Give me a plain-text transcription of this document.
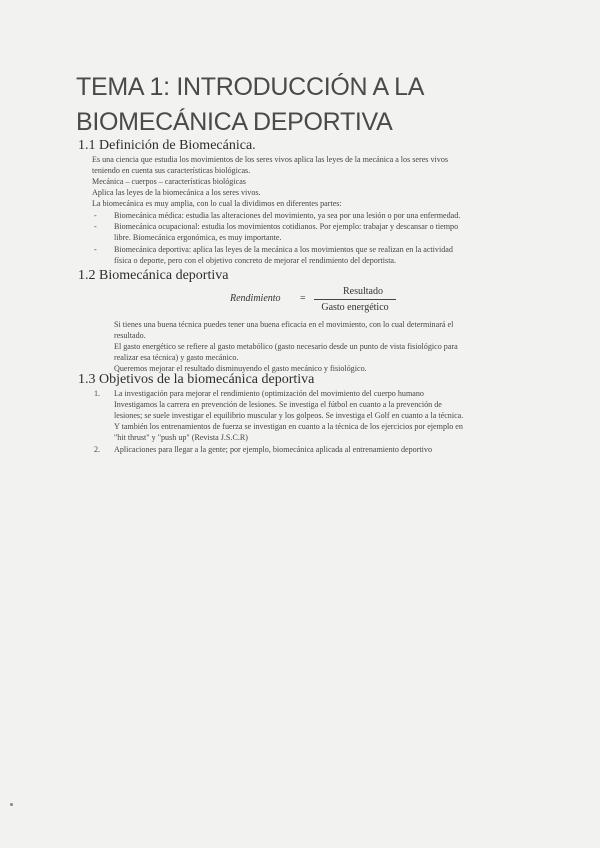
TEMA 1: INTRODUCCIÓN A LA
BIOMECÁNICA DEPORTIVA
1.1 Definición de Biomecánica.
Es una ciencia que estudia los movimientos de los seres vivos aplica las leyes de la mecánica a los seres vivos
teniendo en cuenta sus características biológicas.
Mecánica – cuerpos – características biológicas
Aplica las leyes de la biomecánica a los seres vivos.
La biomecánica es muy amplia, con lo cual la dividimos en diferentes partes:
- Biomecánica médica: estudia las alteraciones del movimiento, ya sea por una lesión o por una enfermedad.
- Biomecánica ocupacional: estudia los movimientos cotidianos. Por ejemplo: trabajar y descansar o tiempo
libre. Biomecánica ergonómica, es muy importante.
- Biomecánica deportiva: aplica las leyes de la mecánica a los movimientos que se realizan en la actividad
física o deporte, pero con el objetivo concreto de mejorar el rendimiento del deportista.
1.2 Biomecánica deportiva
Rendimiento =
Resultado
Gasto energético
Si tienes una buena técnica puedes tener una buena eficacia en el movimiento, con lo cual determinará el
resultado.
El gasto energético se refiere al gasto metabólico (gasto necesario desde un punto de vista fisiológico para
realizar esa técnica) y gasto mecánico.
Queremos mejorar el resultado disminuyendo el gasto mecánico y fisiológico.
1.3 Objetivos de la biomecánica deportiva
1. La investigación para mejorar el rendimiento (optimización del movimiento del cuerpo humano
Investigamos la carrera en prevención de lesiones. Se investiga el fútbol en cuanto a la prevención de
lesiones; se suele investigar el equilibrio muscular y los golpeos. Se investiga el Golf en cuanto a la técnica.
Y también los entrenamientos de fuerza se investigan en cuanto a la técnica de los ejercicios por ejemplo en
"hit thrust" y "push up" (Revista J.S.C.R)
2. Aplicaciones para llegar a la gente; por ejemplo, biomecánica aplicada al entrenamiento deportivo
